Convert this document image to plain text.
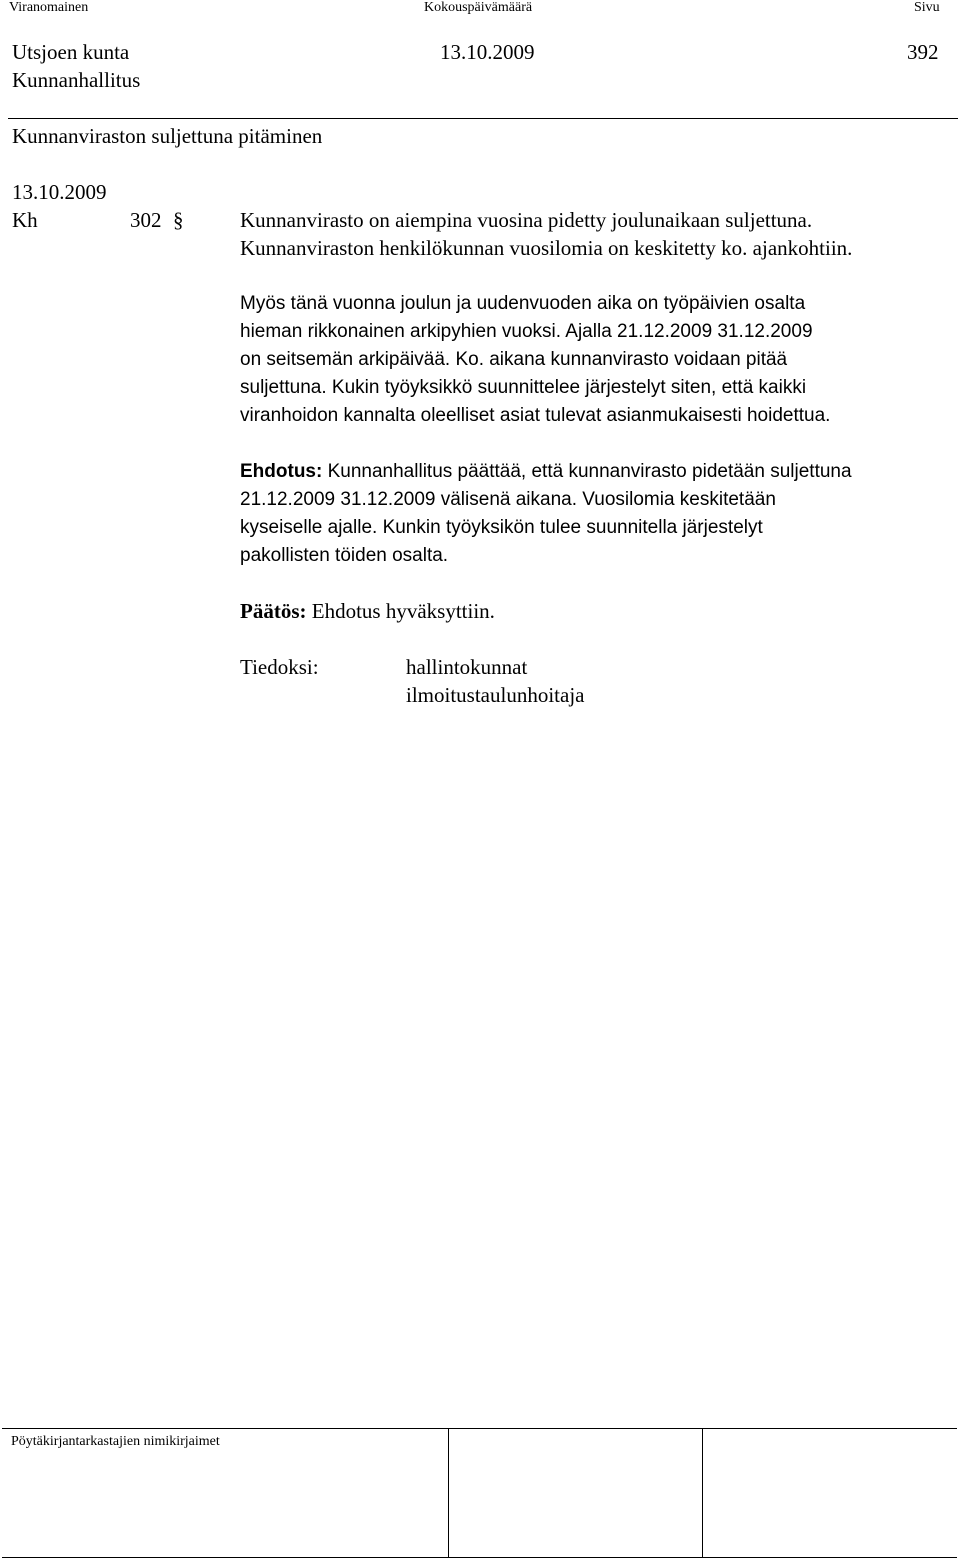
Viranomainen	Kokouspäivämäärä	Sivu
Utsjoen kunta
Kunnanhallitus
13.10.2009	392
Kunnanviraston suljettuna pitäminen
13.10.2009
Kh	302 §	Kunnanvirasto on aiempina vuosina pidetty joulunaikaan suljettuna.
Kunnanviraston henkilökunnan vuosilomia on keskitetty ko. ajankohtiin.

Myös tänä vuonna joulun ja uudenvuoden aika on työpäivien osalta

hieman rikkonainen arkipyhien vuoksi. Ajalla 21.12.2009 31.12.2009

on seitsemän arkipäivää. Ko. aikana kunnanvirasto voidaan pitää

suljettuna. Kukin työyksikkö suunnittelee järjestelyt siten, että kaikki

viranhoidon kannalta oleelliset asiat tulevat asianmukaisesti hoidettua.

Ehdotus: Kunnanhallitus päättää, että kunnanvirasto pidetään suljettuna

21.12.2009 31.12.2009 välisenä aikana. Vuosilomia keskitetään

kyseiselle ajalle. Kunkin työyksikön tulee suunnitella järjestelyt

pakollisten töiden osalta.

Päätös: Ehdotus hyväksyttiin.
Tiedoksi:	hallintokunnat
ilmoitustaulunhoitaja
Pöytäkirjantarkastajien nimikirjaimet
